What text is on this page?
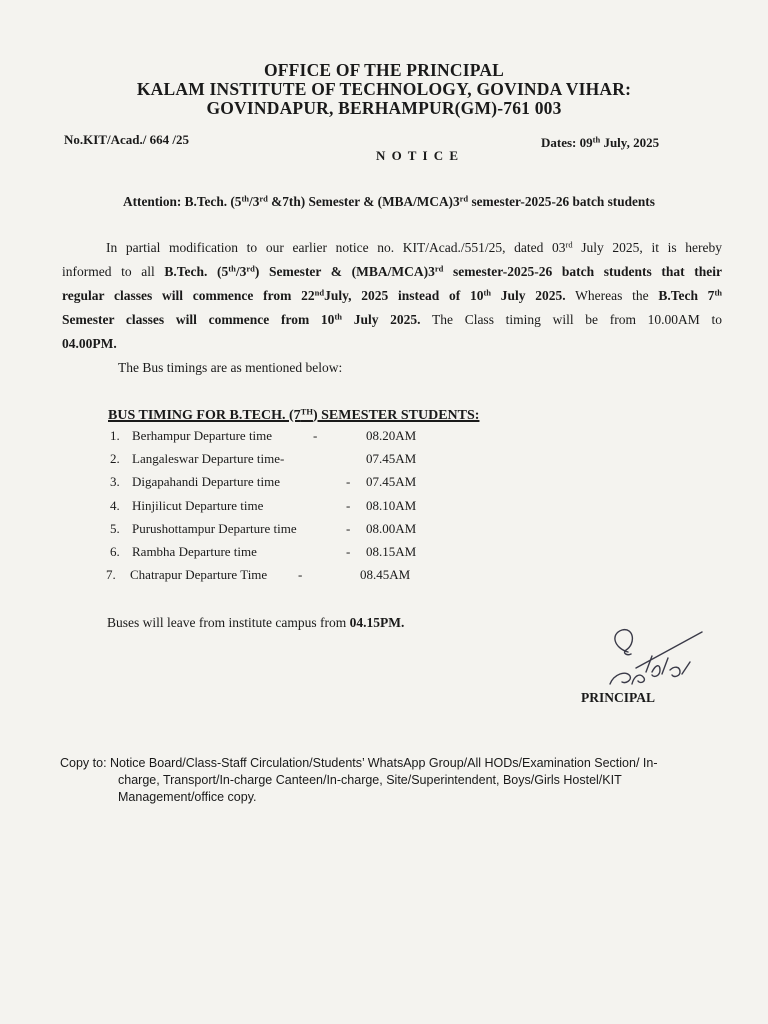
OFFICE OF THE PRINCIPAL
KALAM INSTITUTE OF TECHNOLOGY, GOVINDA VIHAR:
GOVINDAPUR, BERHAMPUR(GM)-761 003
No.KIT/Acad./ 664 /25	Dates: 09th July, 2025
N O T I C E
Attention: B.Tech. (5th/3rd &7th) Semester & (MBA/MCA)3rd semester-2025-26 batch students
In partial modification to our earlier notice no. KIT/Acad./551/25, dated 03rd July 2025, it is hereby
informed to all B.Tech. (5th/3rd) Semester & (MBA/MCA)3rd semester-2025-26 batch students that their
regular classes will commence from 22ndJuly, 2025 instead of 10th July 2025. Whereas the B.Tech 7th
Semester classes will commence from 10th July 2025. The Class timing will be from 10.00AM to
04.00PM.
The Bus timings are as mentioned below:
BUS TIMING FOR B.TECH. (7TH) SEMESTER STUDENTS:
1. Berhampur Departure time	-	08.20AM
2. Langaleswar Departure time-	07.45AM
3. Digapahandi Departure time	- 07.45AM
4. Hinjilicut Departure time	- 08.10AM
5. Purushottampur Departure time	- 08.00AM
6. Rambha Departure time	- 08.15AM
7. Chatrapur Departure Time -	08.45AM
Buses will leave from institute campus from 04.15PM.
PRINCIPAL
Copy to: Notice Board/Class-Staff Circulation/Students’ WhatsApp Group/All HODs/Examination Section/ In-
charge, Transport/In-charge Canteen/In-charge, Site/Superintendent, Boys/Girls Hostel/KIT
Management/office copy.
